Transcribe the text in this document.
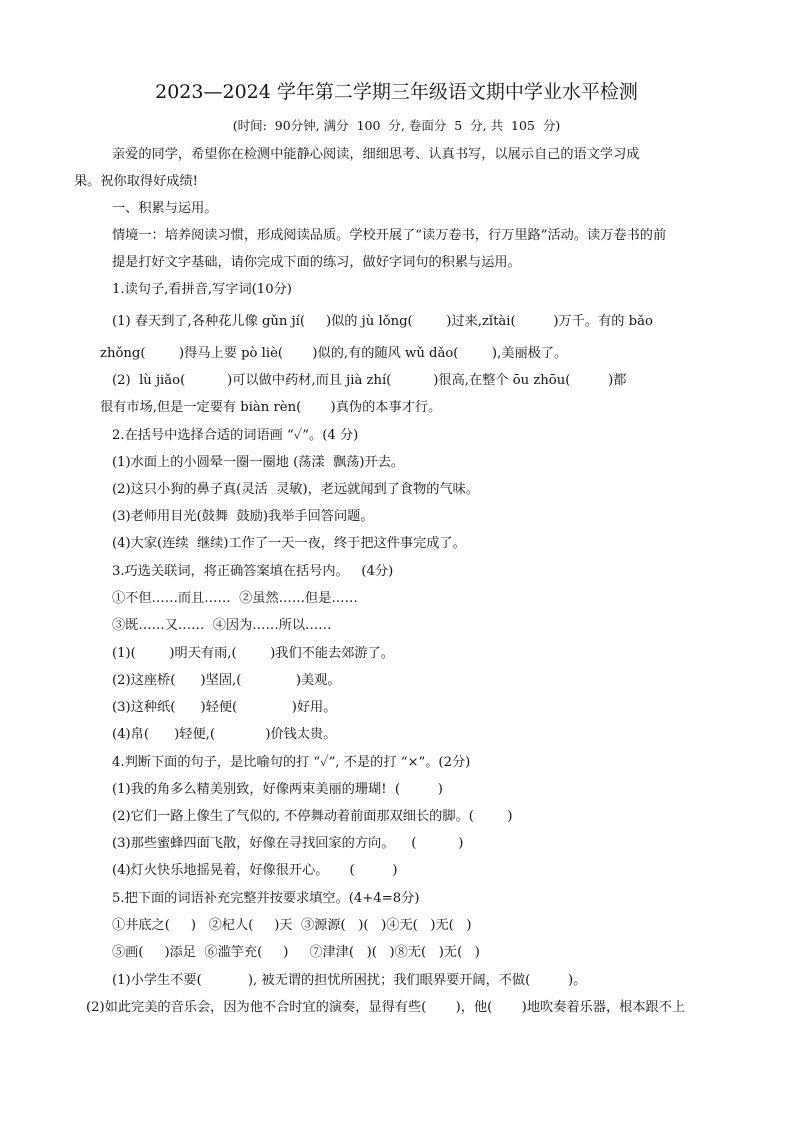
2023—2024 学年第二学期三年级语文期中学业水平检测
(时间:  90分钟, 满分  100  分, 卷面分  5  分, 共  105  分)
亲爱的同学，希望你在检测中能静心阅读，细细思考、认真书写，以展示自己的语文学习成
果。祝你取得好成绩!
一、积累与运用。
情境一：培养阅读习惯，形成阅读品质。学校开展了“读万卷书，行万里路”活动。读万卷书的前
提是打好文字基础，请你完成下面的练习，做好字词句的积累与运用。
1.读句子,看拼音,写字词(10分)
(1) 春天到了,各种花儿像 gǔn jí(     )似的 jù lǒng(        )过来,zǐtài(         )万千。有的 bǎo
zhǒng(        )得马上要 pò liè(       )似的,有的随风 wǔ dǎo(        ),美丽极了。
(2)  lù jiǎo(          )可以做中药材,而且 jià zhí(          )很高,在整个 ōu zhōu(         )都
很有市场,但是一定要有 biàn rèn(       )真伪的本事才行。
2.在括号中选择合适的词语画 “✓”。(4 分)
(1)水面上的小圆晕一圈一圈地 (荡漾  飘荡)开去。
(2)这只小狗的鼻子真(灵活  灵敏)，老远就闻到了食物的气味。
(3)老师用目光(鼓舞  鼓励)我举手回答问题。
(4)大家(连续  继续)工作了一天一夜，终于把这件事完成了。
3.巧选关联词，将正确答案填在括号内。   (4分)
①不但……而且……  ②虽然……但是……
③既……又……  ④因为……所以……
(1)(        )明天有雨,(        )我们不能去郊游了。
(2)这座桥(      )坚固,(             )美观。
(3)这种纸(      )轻便(             )好用。
(4)帛(      )轻便,(            )价钱太贵。
4.判断下面的句子，是比喻句的打 “✓”, 不是的打 “×”。(2分)
(1)我的角多么精美别致，好像两束美丽的珊瑚!  (         )
(2)它们一路上像生了气似的, 不停舞动着前面那双细长的脚。(        )
(3)那些蜜蜂四面飞散，好像在寻找回家的方向。    (          )
(4)灯火快乐地摇晃着，好像很开心。     (         )
5.把下面的词语补充完整并按要求填空。(4+4=8分)
①井底之(     )   ②杞人(     )天  ③源源(   )(   )④无(   )无(   )
⑤画(     )添足  ⑥滥竽充(     )     ⑦津津(   )(   )⑧无(   )无(   )
(1)小学生不要(           ), 被无谓的担忧所困扰；我们眼界要开阔，不做(         )。
(2)如此完美的音乐会，因为他不合时宜的演奏，显得有些(       )，他(       )地吹奏着乐器，根本跟不上
